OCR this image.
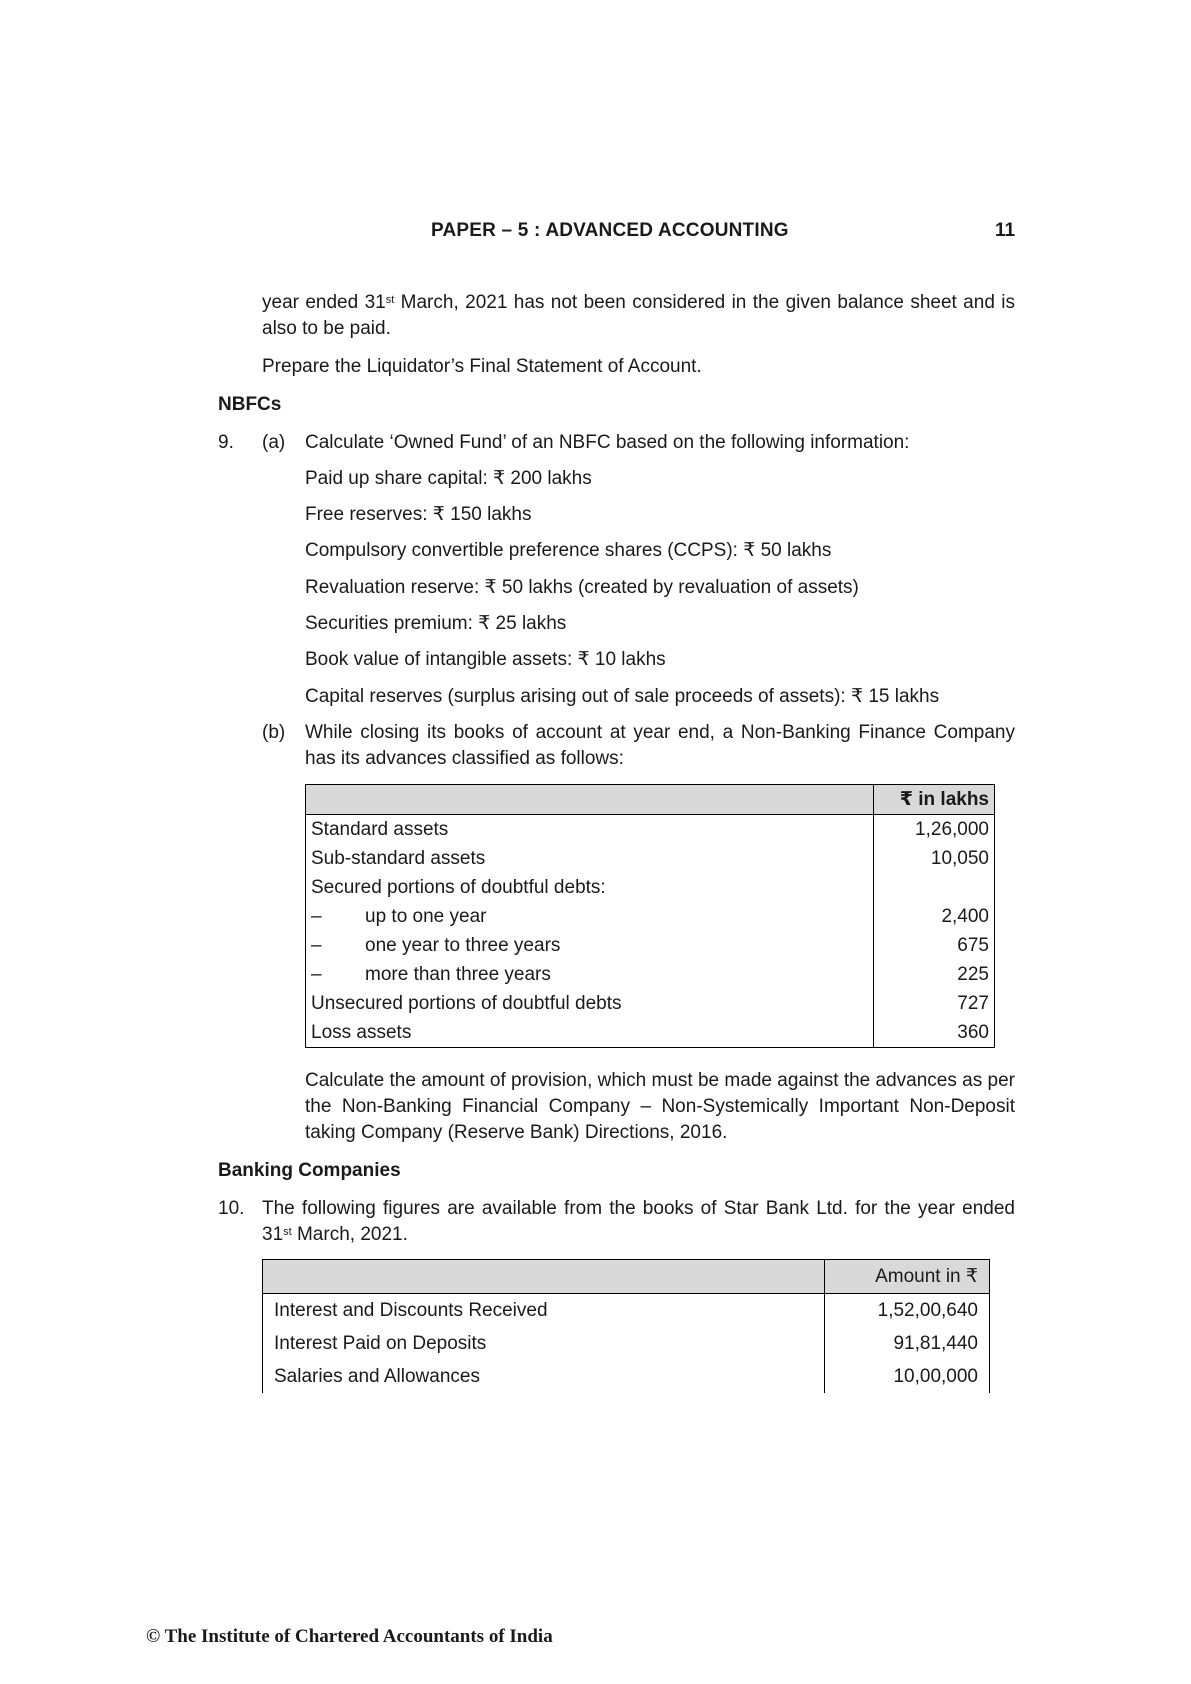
PAPER – 5 : ADVANCED ACCOUNTING	11
year ended 31st March, 2021 has not been considered in the given balance sheet and is also to be paid.
Prepare the Liquidator’s Final Statement of Account.
NBFCs
9. (a) Calculate ‘Owned Fund’ of an NBFC based on the following information:
Paid up share capital: ₹ 200 lakhs
Free reserves: ₹ 150 lakhs
Compulsory convertible preference shares (CCPS): ₹ 50 lakhs
Revaluation reserve: ₹ 50 lakhs (created by revaluation of assets)
Securities premium: ₹ 25 lakhs
Book value of intangible assets: ₹ 10 lakhs
Capital reserves (surplus arising out of sale proceeds of assets): ₹ 15 lakhs
(b) While closing its books of account at year end, a Non-Banking Finance Company has its advances classified as follows:
	₹ in lakhs
Standard assets	1,26,000
Sub-standard assets	10,050
Secured portions of doubtful debts:	
– up to one year	2,400
– one year to three years	675
– more than three years	225
Unsecured portions of doubtful debts	727
Loss assets	360
Calculate the amount of provision, which must be made against the advances as per the Non-Banking Financial Company – Non-Systemically Important Non-Deposit taking Company (Reserve Bank) Directions, 2016.
Banking Companies
10. The following figures are available from the books of Star Bank Ltd. for the year ended 31st March, 2021.
	Amount in ₹
Interest and Discounts Received	1,52,00,640
Interest Paid on Deposits	91,81,440
Salaries and Allowances	10,00,000
© The Institute of Chartered Accountants of India
